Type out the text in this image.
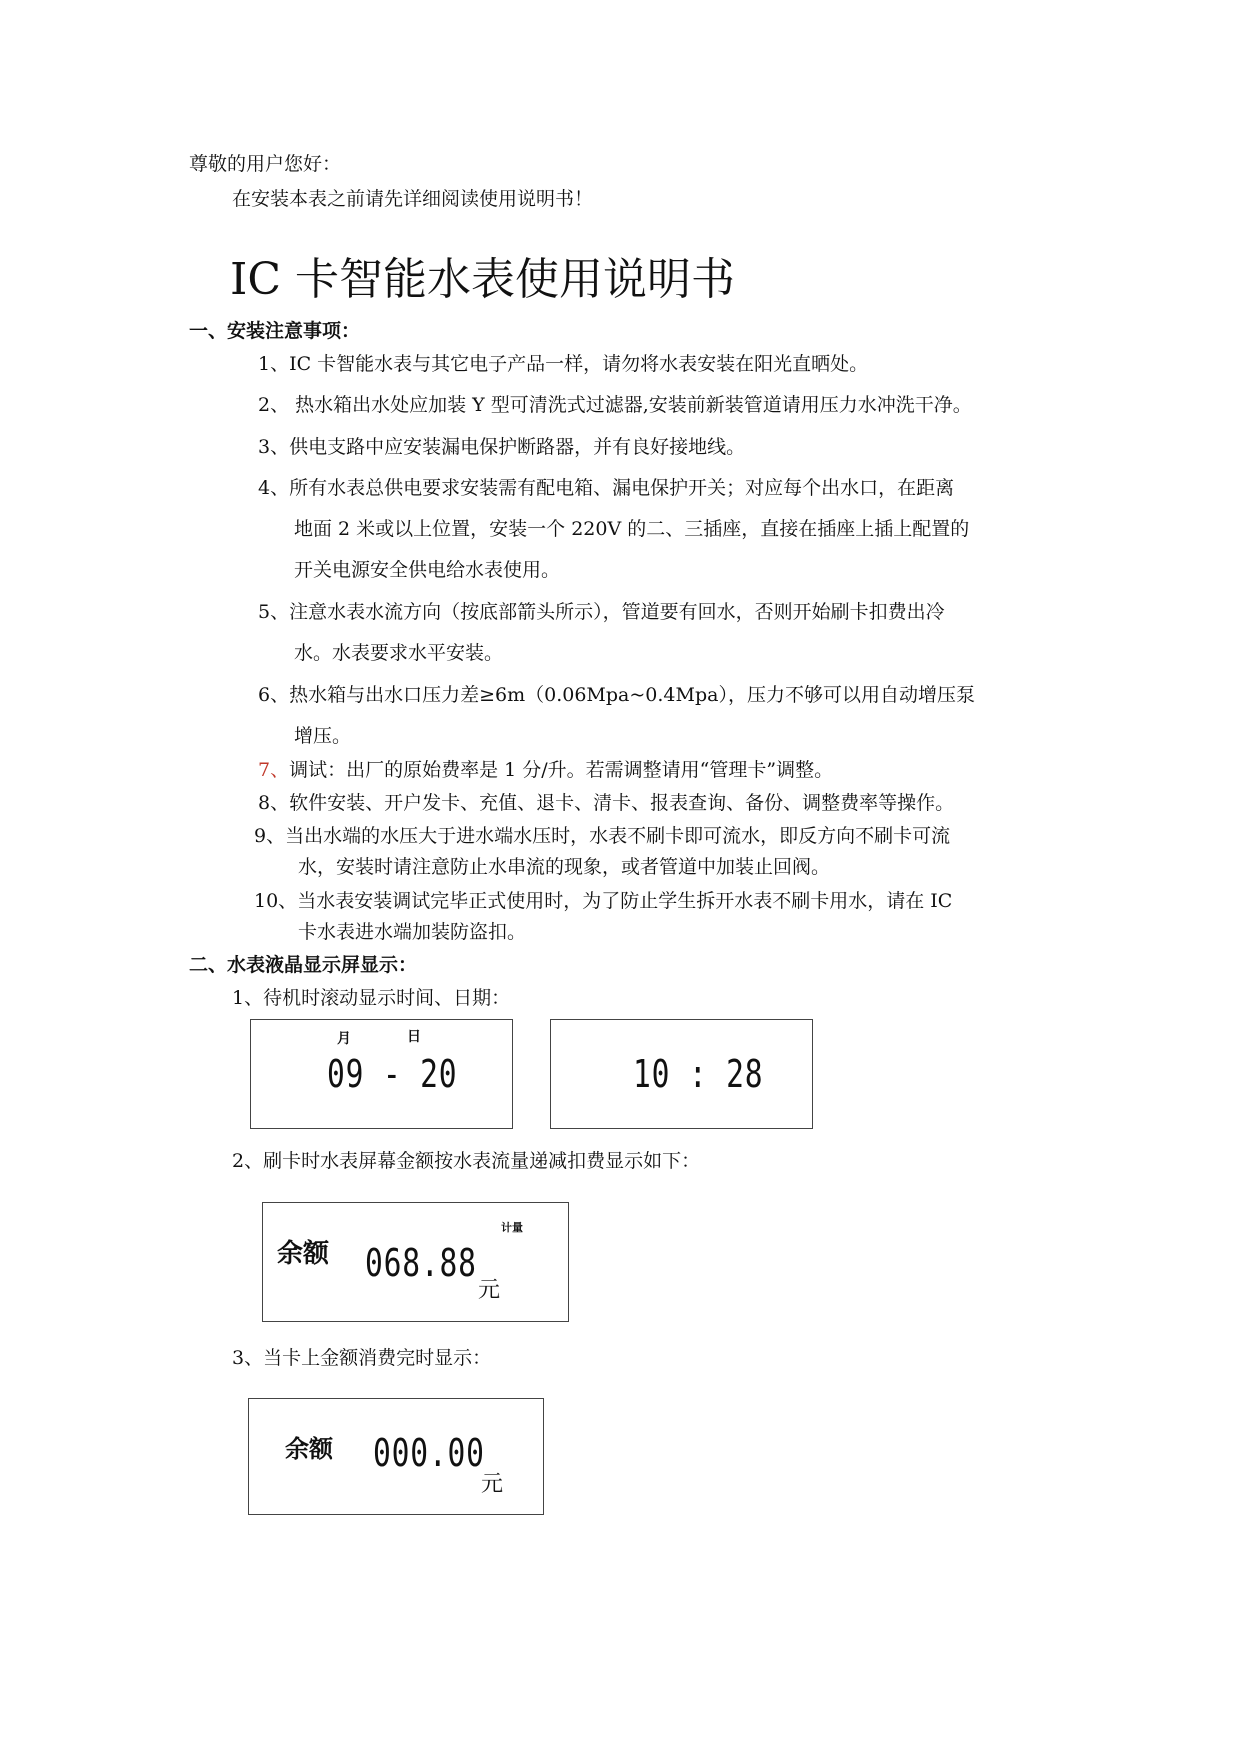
尊敬的用户您好：
在安装本表之前请先详细阅读使用说明书！
IC 卡智能水表使用说明书
一、安装注意事项：
1、IC 卡智能水表与其它电子产品一样，请勿将水表安装在阳光直晒处。
2、 热水箱出水处应加装 Y 型可清洗式过滤器,安装前新装管道请用压力水冲洗干净。
3、供电支路中应安装漏电保护断路器，并有良好接地线。
4、所有水表总供电要求安装需有配电箱、漏电保护开关；对应每个出水口，在距离
地面 2 米或以上位置，安装一个 220V 的二、三插座，直接在插座上插上配置的
开关电源安全供电给水表使用。
5、注意水表水流方向（按底部箭头所示），管道要有回水，否则开始刷卡扣费出冷
水。水表要求水平安装。
6、热水箱与出水口压力差≥6m（0.06Mpa~0.4Mpa），压力不够可以用自动增压泵
增压。
7、调试：出厂的原始费率是 1 分/升。若需调整请用“管理卡”调整。
8、软件安装、开户发卡、充值、退卡、清卡、报表查询、备份、调整费率等操作。
9、当出水端的水压大于进水端水压时，水表不刷卡即可流水，即反方向不刷卡可流
水，安装时请注意防止水串流的现象，或者管道中加装止回阀。
10、当水表安装调试完毕正式使用时，为了防止学生拆开水表不刷卡用水，请在 IC
卡水表进水端加装防盗扣。
二、水表液晶显示屏显示：
1、待机时滚动显示时间、日期：
月	日
09 - 20	10 : 28
2、刷卡时水表屏幕金额按水表流量递减扣费显示如下：
余额
计量
068.88
元
3、当卡上金额消费完时显示：
余额 000.00
元
